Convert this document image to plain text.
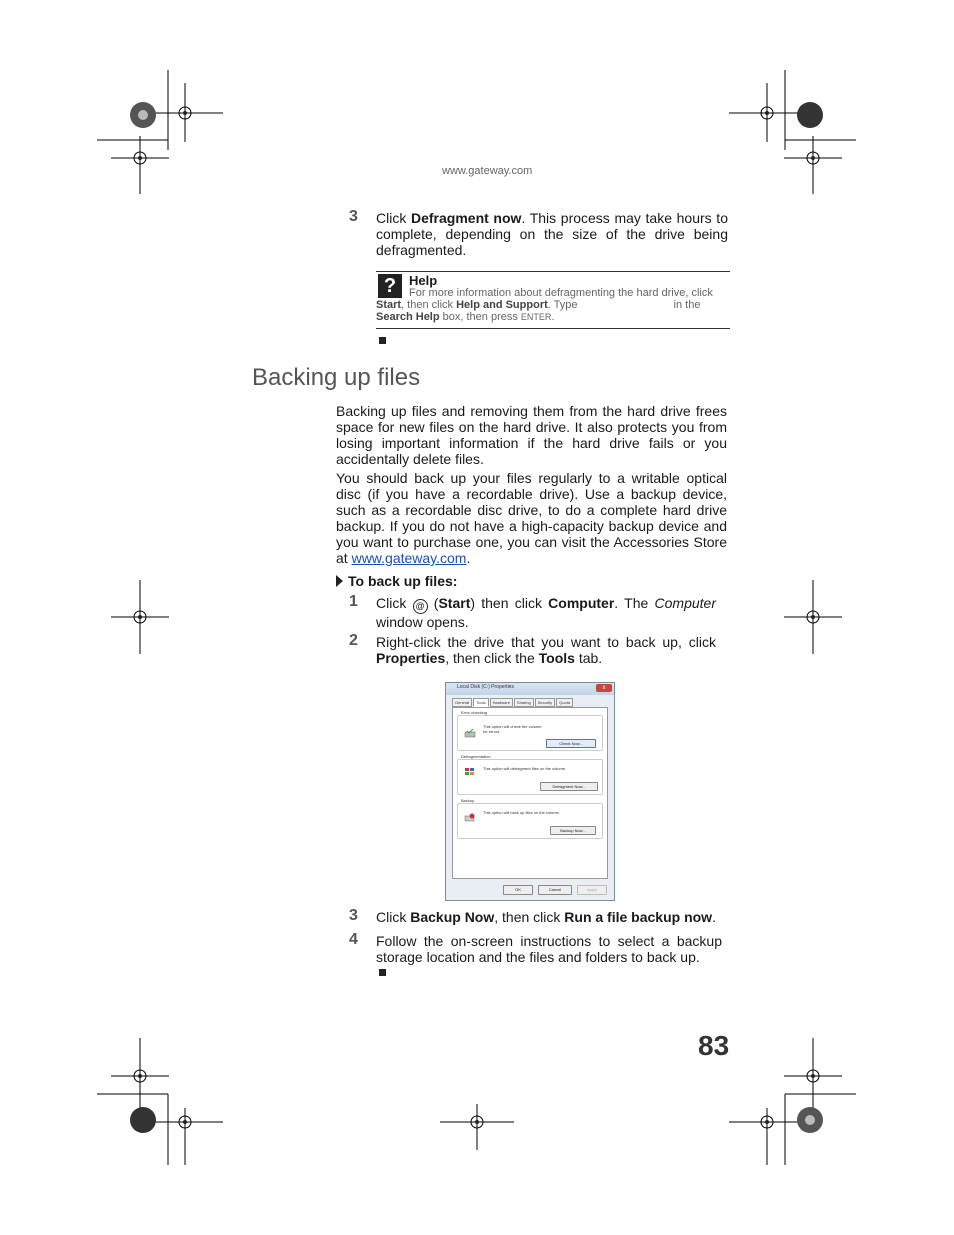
www.gateway.com
3	Click Defragment now. This process may take hours to complete, depending on the size of the drive being defragmented.
? Help
For more information about defragmenting the hard drive, click
Start, then click Help and Support. Type	in the
Search Help box, then press ENTER.
Backing up files
Backing up files and removing them from the hard drive frees space for new files on the hard drive. It also protects you from losing important information if the hard drive fails or you accidentally delete files.
You should back up your files regularly to a writable optical disc (if you have a recordable drive). Use a backup device, such as a recordable disc drive, to do a complete hard drive backup. If you do not have a high-capacity backup device and you want to purchase one, you can visit the Accessories Store at www.gateway.com.
To back up files:
1	Click @ (Start) then click Computer. The Computer window opens.
2	Right-click the drive that you want to back up, click Properties, then click the Tools tab.
Local Disk (C:) Properties	x
General	Tools	Hardware	Sharing	Security	Quota
Error-checking
This option will check the volume for errors.
Check Now...
Defragmentation
This option will defragment files on the volume.
Defragment Now...
Backup
This option will back up files on the volume.
Backup Now...
OK	Cancel	Apply
3	Click Backup Now, then click Run a file backup now.
4	Follow the on-screen instructions to select a backup storage location and the files and folders to back up.
83
